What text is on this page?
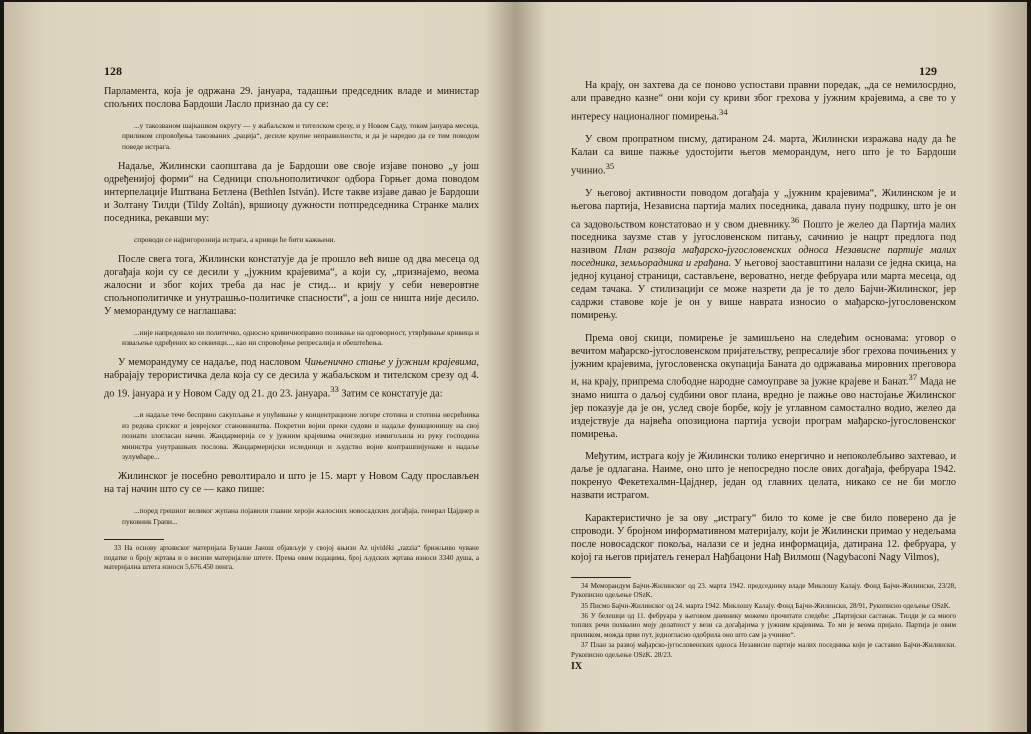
128

Парламента, која је одржана 29. јануара, тадашњи председник владе и министар спољних послова Бардоши Ласло признао да су се:

...у такозваном шајкашком округу — у жабаљском и тителском срезу, и у Новом Саду, током јануара месеца, приликом спровођења такозваних „рација“, десиле крупне неправилности, и да је наредио да се тим поводом поведе истрага.

Надаље, Жилински саопштава да је Бардоши ове своје изјаве поново „у још одређенијој форми“ на Седници спољнополитичког одбора Горњег дома поводом интерпелације Иштвана Бетлена (Bethlen István). Исте такве изјаве давао је Бардоши и Золтану Тилди (Tildy Zoltán), вршиоцу дужности потпредседника Странке малих поседника, рекавши му:

спроводи се најригорознија истрага, а кривци ће бити кажњени.

После свега тога, Жилински констатује да је прошло већ више од два месеца од догађаја који су се десили у „јужним крајевима“, а који су, „признајемо, веома жалосни и због којих треба да нас је стид... и крију у себи неверовтне спољнополитичке и унутрашњо-политичке спасности“, а још се ништа није десило. У меморандуму се наглашава:

...није напредовало ни политичко, односно кривичноправно позивање на одговорност, утврђивање кривица и изваљење одређених ко секвенци..., као ни спровођење репресалија и обештећења.

У меморандуму се надаље, под насловом Чињенично стање у јужним крајевима, набрајају терористичка дела која су се десила у жабаљском и тителском срезу од 4. до 19. јануара и у Новом Саду од 21. до 23. јануара.$^{33}$ Затим се констатује да:

...и надаље тече беспрвно сакупљање и упућивање у концентрационе логоре стотина и стотина несрећника из редова српског и јеврејског становништва. Покретни војни преки судови и надаље функционишу на свој познати злогласан начин. Жандармерија се у јужним крајевима очигледно измигољила из руку господина министра унутрашњих послова. Жандармеријски иследници и људство војне контрашпијунаже и надаље зулумћаре...

Жилинског је посебно револтирало и што је 15. март у Новом Саду прослављен на тај начин што су се — како пише:

...поред грешног великог жупана појавили главни хероји жалосних новосадских догађаја, генерал Цајднер и пуковник Грапи...

33 На основу архивског материјала Бузаши Јанош објављује у својој књизи Az ujvidéki „razzia“ брижљиво чуване податке о броју жртава и о висини материјалне штете. Према овим подацима, број људских жртава износи 3340 душа, а материјална штета износи 5,676.450 пенга.

129

На крају, он захтева да се поново успостави правни поредак, „да се немилосрдно, али праведно казне“ они који су криви због греховa у јужним крајевима, а све то у интересу националног помирења.$^{34}$

У свом пропратном писму, датираном 24. марта, Жилински изражава наду да ће Калаи са више пажње удостојити његов меморандум, него што је то Бардоши учинио.$^{35}$

У његовој активности поводом догађаја у „јужним крајевима“, Жилинском је и његова партија, Независна партија малих поседника, давала пуну подршку, што је он са задовољством констатовао и у свом дневнику.$^{36}$ Пошто је желео да Партија малих поседника заузме став у југословенском питању, сачинио је нацрт предлога под називом План развоја мађарско-југословенских односа Независне партије малих поседника, земљорадника и грађана. У његовој заоставштини налази се једна скица, на једној куцаној страници, састављене, вероватно, негде фебруара или марта месеца, од седам тачака. У стилизацији се може назрети да је то дело Бајчи-Жилинског, јер садржи ставове које је он у више наврата износио о мађарско-југословенском помирењу.

Према овој скици, помирење је замишљено на следећим основама: уговор о вечитом мађарско-југословенском пријатељству, репресалије због грехова почињених у јужним крајевима, југословенска окупација Баната до одржавања мировних преговора и, на крају, припрема слободне народне самоуправе за јужне крајеве и Банат.$^{37}$ Мада не знамо ништа о даљој судбини овог плана, вредно је пажње ово настојање Жилинског јер показује да је он, услед своје борбе, коју је углавном самостално водио, желео да издејствује да највећа опозициона партија усвоји програм мађарско-југословенског помирења.

Међутим, истрага коју је Жилински толико енергично и непоколебљиво захтевао, и даље је одлагана. Наиме, оно што је непосредно после ових догађаја, фебруара 1942. покренуо Фекетехалмн-Цајднер, један од главних целата, никако се не би могло назвати истрагом.

Карактеристично је за ову „истрагу“ било то коме је све било поверено да је спроводи. У бројном информативном материјалу, који је Жилински примао у недељама после новосадског покоља, налази се и једна информација, датирана 12. фебруара, у којој га његов пријатељ генерал Нађбацони Нађ Вилмош (Nagybaconi Nagy Vilmos),

34 Меморандум Бајчи-Жилинског од 23. марта 1942. председнику владе Миклошу Калају. Фонд Бајчи-Жилински, 23/28, Рукописно одељење OSzK.

35 Писмо Бајчи-Жилинског од 24. марта 1942. Миклошу Калају. Фонд Бајчи-Жилински, 28/91, Рукописно одељење OSzK.

36 У белешци од 11. фебруара у његовом дневнику можемо прочитати следеће: „Партијски састанак. Тилди је са много топлих речи похвалио моју делатност у вези са догађајима у јужним крајевима. То ми је веома пријало. Партија је овим приликом, можда први пут, једногласно одобрила оно што сам ја учинио“.

37 План за развој мађарско-југословенских односа Независне партије малих поседника који је саставио Бајчи-Жилински. Рукописно одељење OSzK. 28/23.

IX
